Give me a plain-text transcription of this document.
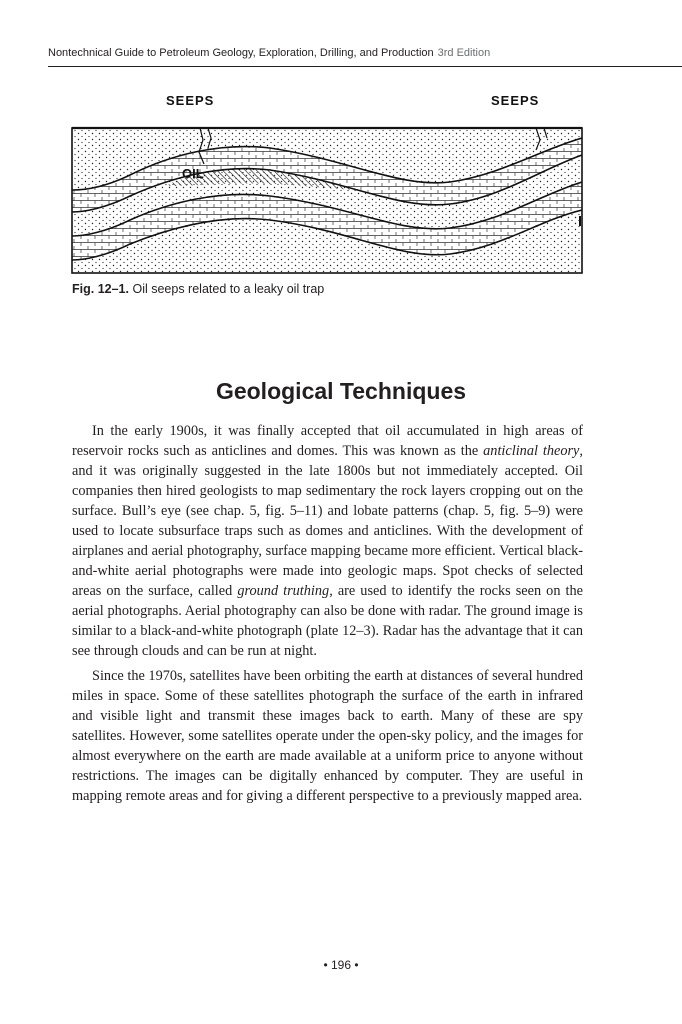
Nontechnical Guide to Petroleum Geology, Exploration, Drilling, and Production 3rd Edition
SEEPS	SEEPS
OIL
Fig. 12–1. Oil seeps related to a leaky oil trap
Geological Techniques

In the early 1900s, it was finally accepted that oil accumulated in high areas of reservoir rocks such as anticlines and domes. This was known as the anticlinal theory, and it was originally suggested in the late 1800s but not immediately accepted. Oil companies then hired geologists to map sedimentary the rock layers cropping out on the surface. Bull’s eye (see chap. 5, fig. 5–11) and lobate patterns (chap. 5, fig. 5–9) were used to locate subsurface traps such as domes and anticlines. With the development of airplanes and aerial photography, surface mapping became more efficient. Vertical black-and-white aerial photographs were made into geologic maps. Spot checks of selected areas on the surface, called ground truthing, are used to identify the rocks seen on the aerial photographs. Aerial photography can also be done with radar. The ground image is similar to a black-and-white photograph (plate 12–3). Radar has the advantage that it can see through clouds and can be run at night.

Since the 1970s, satellites have been orbiting the earth at distances of several hundred miles in space. Some of these satellites photograph the surface of the earth in infrared and visible light and transmit these images back to earth. Many of these are spy satellites. However, some satellites operate under the open-sky policy, and the images for almost everywhere on the earth are made available at a uniform price to anyone without restrictions. The images can be digitally enhanced by computer. They are useful in mapping remote areas and for giving a different perspective to a previously mapped area.

• 196 •
